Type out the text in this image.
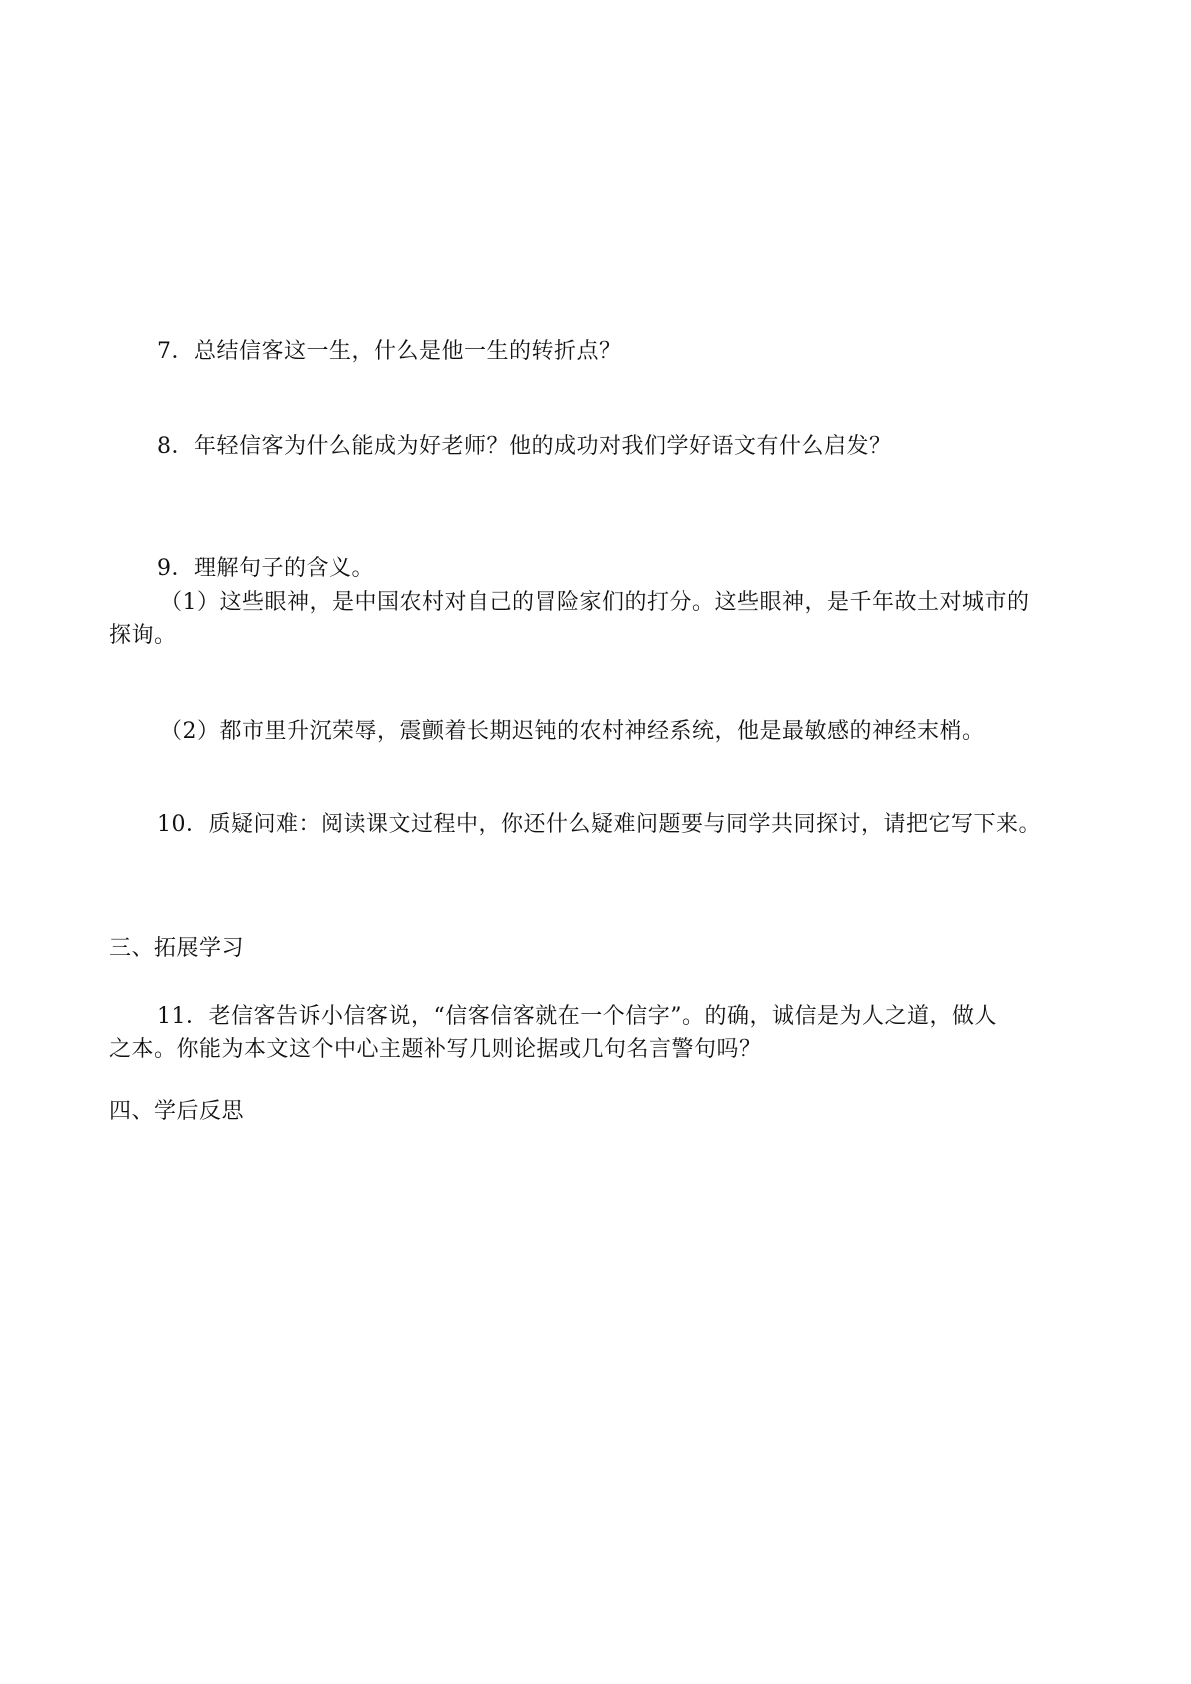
7．总结信客这一生，什么是他一生的转折点？
8．年轻信客为什么能成为好老师？他的成功对我们学好语文有什么启发？
9．理解句子的含义。
（1）这些眼神，是中国农村对自己的冒险家们的打分。这些眼神，是千年故土对城市的
探询。
（2）都市里升沉荣辱，震颤着长期迟钝的农村神经系统，他是最敏感的神经末梢。
10．质疑问难：阅读课文过程中，你还什么疑难问题要与同学共同探讨，请把它写下来。
三、拓展学习
11．老信客告诉小信客说，“信客信客就在一个信字”。的确，诚信是为人之道，做人
之本。你能为本文这个中心主题补写几则论据或几句名言警句吗？
四、学后反思
